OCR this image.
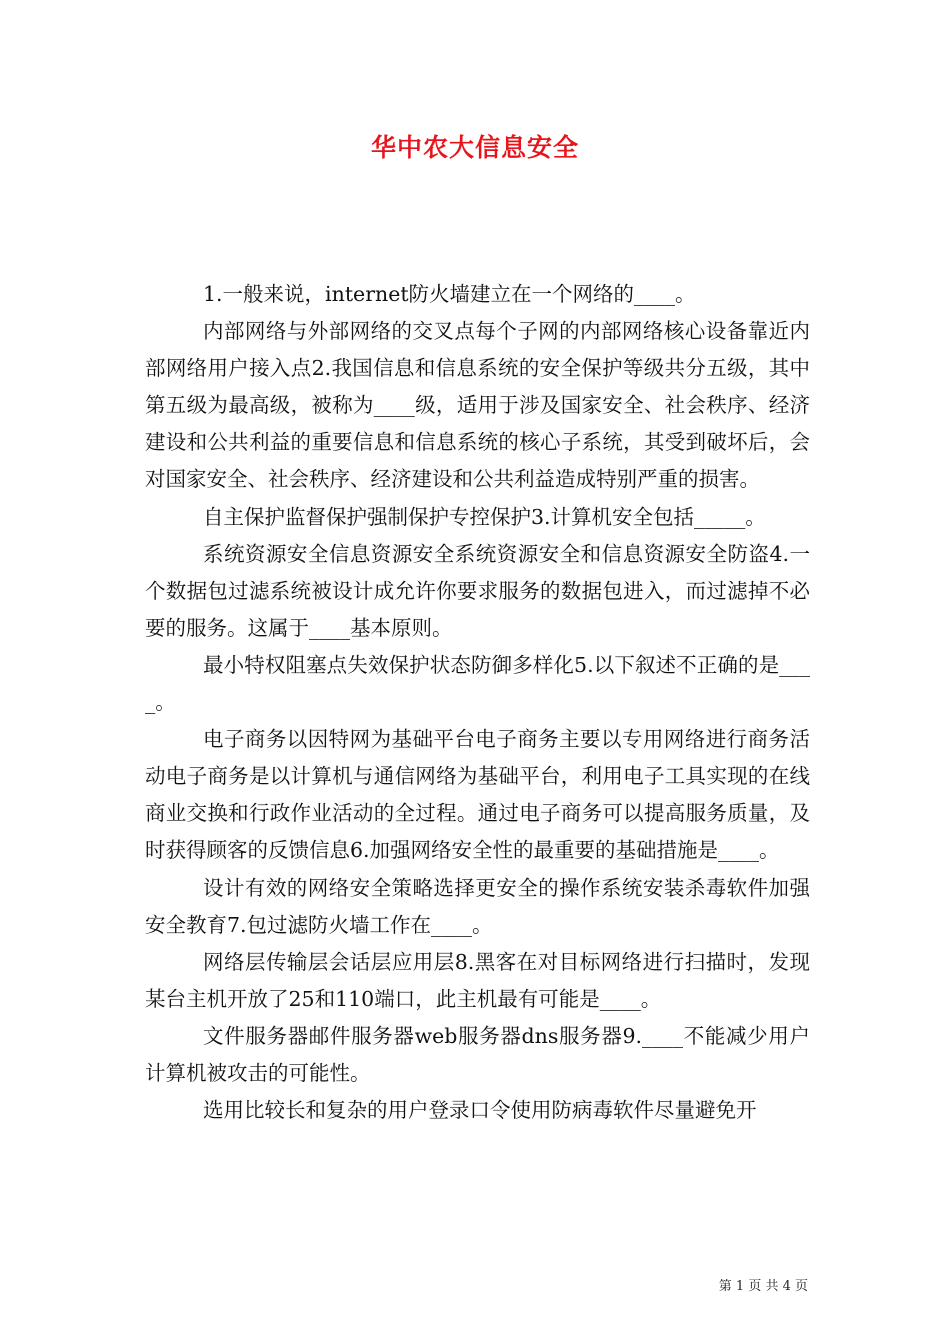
华中农大信息安全

1.一般来说，internet防火墙建立在一个网络的____。

内部网络与外部网络的交叉点每个子网的内部网络核心设备靠近内部网络用户接入点2.我国信息和信息系统的安全保护等级共分五级，其中第五级为最高级，被称为____级，适用于涉及国家安全、社会秩序、经济建设和公共利益的重要信息和信息系统的核心子系统，其受到破坏后，会对国家安全、社会秩序、经济建设和公共利益造成特别严重的损害。

自主保护监督保护强制保护专控保护3.计算机安全包括_____。

系统资源安全信息资源安全系统资源安全和信息资源安全防盗4.一个数据包过滤系统被设计成允许你要求服务的数据包进入，而过滤掉不必要的服务。这属于____基本原则。

最小特权阻塞点失效保护状态防御多样化5.以下叙述不正确的是____。

电子商务以因特网为基础平台电子商务主要以专用网络进行商务活动电子商务是以计算机与通信网络为基础平台，利用电子工具实现的在线商业交换和行政作业活动的全过程。通过电子商务可以提高服务质量，及时获得顾客的反馈信息6.加强网络安全性的最重要的基础措施是____。

设计有效的网络安全策略选择更安全的操作系统安装杀毒软件加强安全教育7.包过滤防火墙工作在____。

网络层传输层会话层应用层8.黑客在对目标网络进行扫描时，发现某台主机开放了25和110端口，此主机最有可能是____。

文件服务器邮件服务器web服务器dns服务器9.____不能减少用户计算机被攻击的可能性。

选用比较长和复杂的用户登录口令使用防病毒软件尽量避免开

第 1 页 共 4 页
